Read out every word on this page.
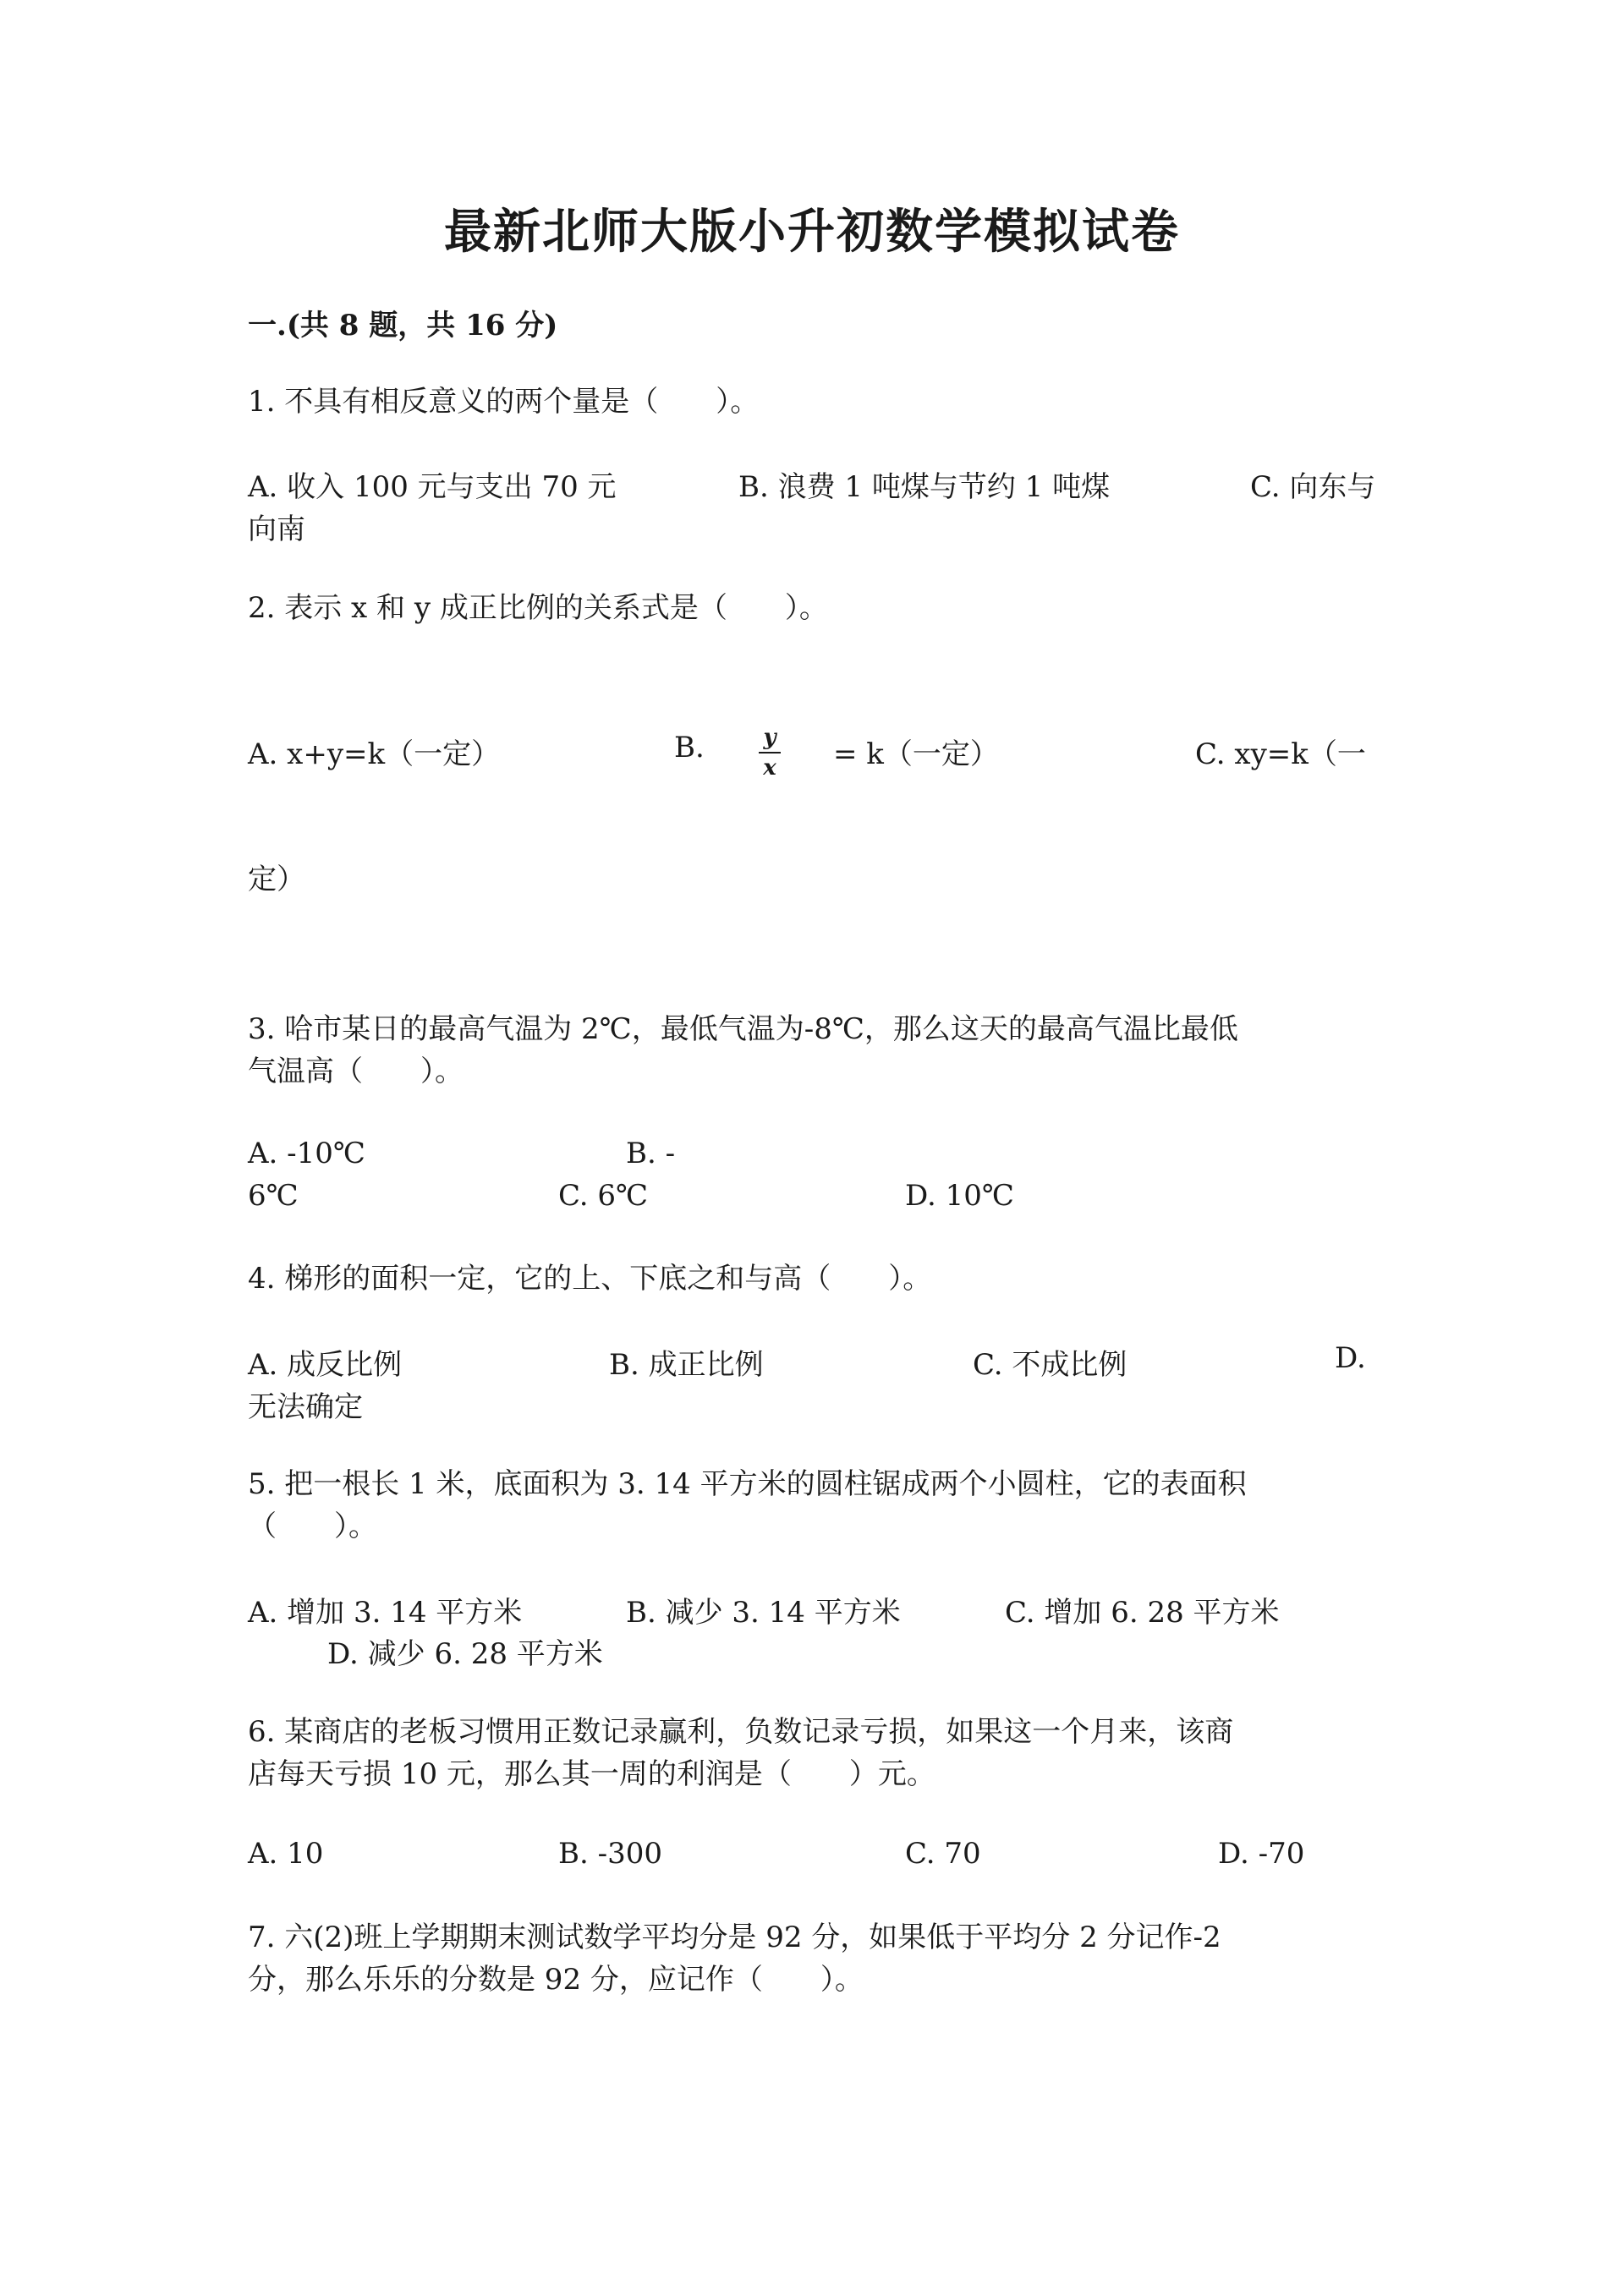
最新北师大版小升初数学模拟试卷
一.(共 8 题，共 16 分)
1. 不具有相反意义的两个量是（　　）。
A. 收入 100 元与支出 70 元	B. 浪费 1 吨煤与节约 1 吨煤	C. 向东与
向南
2. 表示 x 和 y 成正比例的关系式是（　　）。
A. x+y=k（一定）	B.	y
x = k（一定）	C. xy=k（一
定）
3. 哈市某日的最高气温为 2℃，最低气温为-8℃，那么这天的最高气温比最低
气温高（　　）。
A. -10℃	B. -
6℃	C. 6℃	D. 10℃
4. 梯形的面积一定，它的上、下底之和与高（　　）。
A. 成反比例	B. 成正比例	C. 不成比例	D.
无法确定
5. 把一根长 1 米，底面积为 3. 14 平方米的圆柱锯成两个小圆柱，它的表面积
（　　）。
A. 增加 3. 14 平方米	B. 减少 3. 14 平方米	C. 增加 6. 28 平方米
D. 减少 6. 28 平方米
6. 某商店的老板习惯用正数记录赢利，负数记录亏损，如果这一个月来，该商
店每天亏损 10 元，那么其一周的利润是（　　）元。
A. 10	B. -300	C. 70	D. -70
7. 六(2)班上学期期末测试数学平均分是 92 分，如果低于平均分 2 分记作-2
分，那么乐乐的分数是 92 分，应记作（　　）。
